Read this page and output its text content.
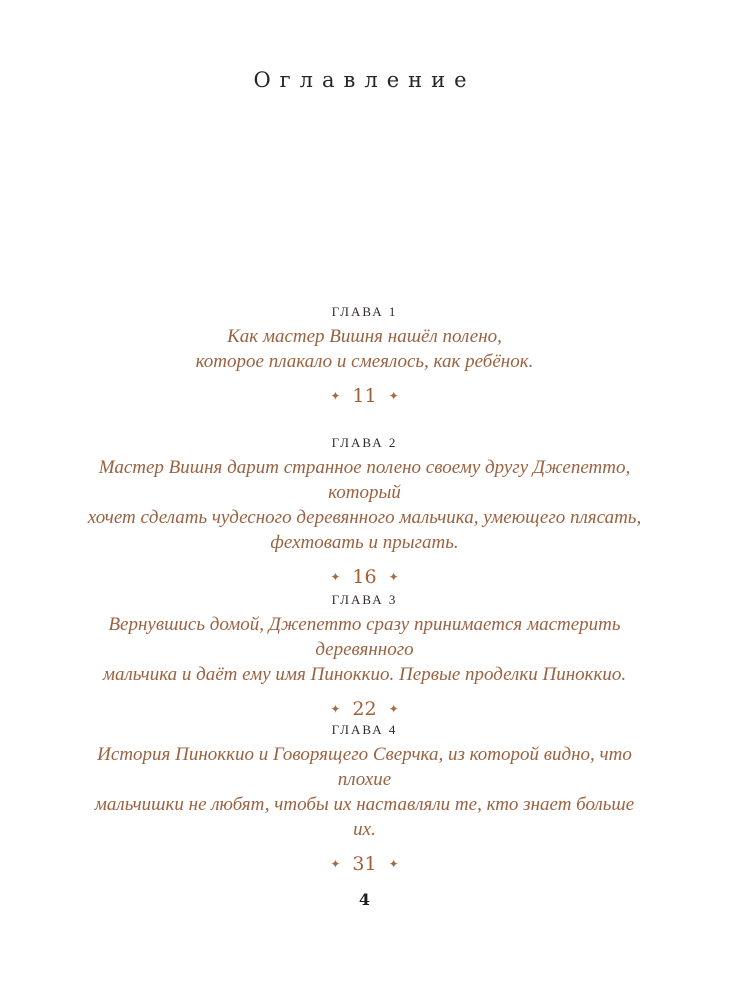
Оглавление

ГЛАВА 1

Как мастер Вишня нашёл полено,
которое плакало и смеялось, как ребёнок.
✦ 11 ✦

ГЛАВА 2

Мастер Вишня дарит странное полено своему другу Джепетто, который
хочет сделать чудесного деревянного мальчика, умеющего плясать,
фехтовать и прыгать.
✦ 16 ✦

ГЛАВА 3

Вернувшись домой, Джепетто сразу принимается мастерить деревянного
мальчика и даёт ему имя Пиноккио. Первые проделки Пиноккио.
✦ 22 ✦

ГЛАВА 4

История Пиноккио и Говорящего Сверчка, из которой видно, что плохие
мальчишки не любят, чтобы их наставляли те, кто знает больше их.
✦ 31 ✦
4
